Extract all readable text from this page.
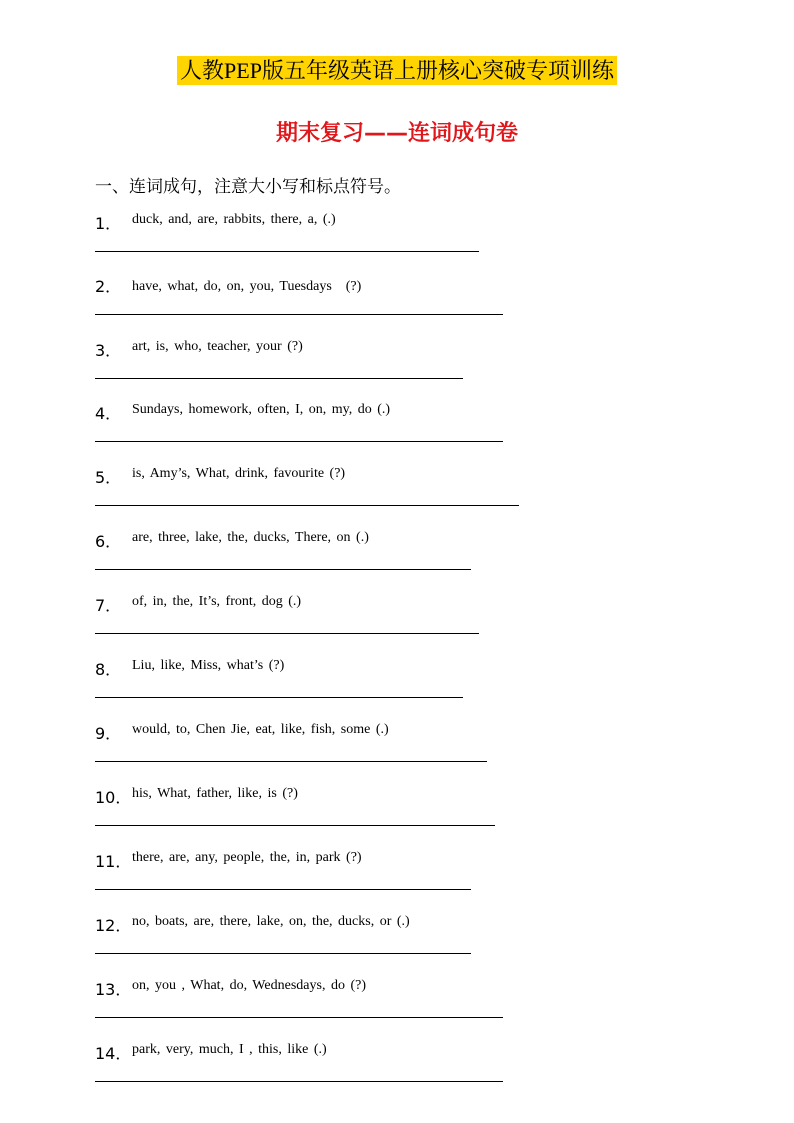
人教PEP版五年级英语上册核心突破专项训练
期末复习——连词成句卷
一、连词成句，注意大小写和标点符号。
1． duck, and, are, rabbits, there, a, (.)
2． have, what, do, on, you, Tuesdays　(?)
3． art, is, who, teacher, your (?)
4． Sundays, homework, often, I, on, my, do (.)
5． is, Amy’s, What, drink, favourite (?)
6． are, three, lake, the, ducks, There, on (.)
7． of, in, the, It’s, front, dog (.)
8． Liu, like, Miss, what’s (?)
9． would, to, Chen Jie, eat, like, fish, some (.)
10． his, What, father, like, is (?)
11． there, are, any, people, the, in, park (?)
12． no, boats, are, there, lake, on, the, ducks, or (.)
13． on, you , What, do, Wednesdays, do (?)
14． park, very, much, I , this, like (.)
